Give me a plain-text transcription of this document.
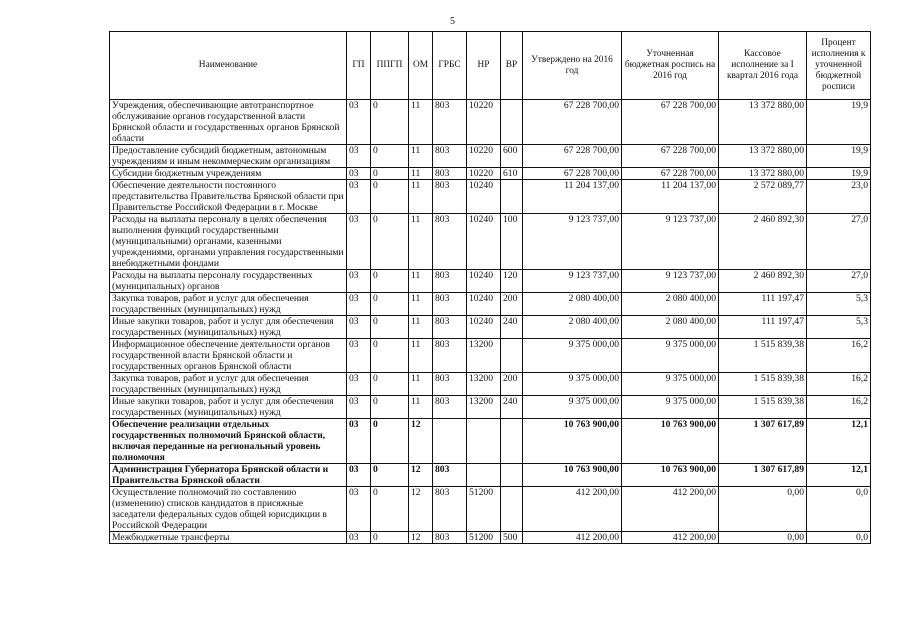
5
Наименование	ГП	ППГП	ОМ	ГРБС	НР	ВР	Утверждено на 2016 год	Уточненная бюджетная роспись на 2016 год	Кассовое исполнение за I квартал 2016 года	Процент исполнения к уточненной бюджетной росписи
Учреждения, обеспечивающие автотранспортное обслуживание органов государственной власти Брянской области и государственных органов Брянской области	03	0	11	803	10220		67 228 700,00	67 228 700,00	13 372 880,00	19,9
Предоставление субсидий бюджетным, автономным учреждениям и иным некоммерческим организациям	03	0	11	803	10220	600	67 228 700,00	67 228 700,00	13 372 880,00	19,9
Субсидии бюджетным учреждениям	03	0	11	803	10220	610	67 228 700,00	67 228 700,00	13 372 880,00	19,9
Обеспечение деятельности постоянного представительства Правительства Брянской области при Правительстве Российской Федерации в г. Москве	03	0	11	803	10240		11 204 137,00	11 204 137,00	2 572 089,77	23,0
Расходы на выплаты персоналу в целях обеспечения выполнения функций государственными (муниципальными) органами, казенными учреждениями, органами управления государственными внебюджетными фондами	03	0	11	803	10240	100	9 123 737,00	9 123 737,00	2 460 892,30	27,0
Расходы на выплаты персоналу государственных (муниципальных) органов	03	0	11	803	10240	120	9 123 737,00	9 123 737,00	2 460 892,30	27,0
Закупка товаров, работ и услуг для обеспечения государственных (муниципальных) нужд	03	0	11	803	10240	200	2 080 400,00	2 080 400,00	111 197,47	5,3
Иные закупки товаров, работ и услуг для обеспечения государственных (муниципальных) нужд	03	0	11	803	10240	240	2 080 400,00	2 080 400,00	111 197,47	5,3
Информационное обеспечение деятельности органов государственной власти Брянской области и государственных органов Брянской области	03	0	11	803	13200		9 375 000,00	9 375 000,00	1 515 839,38	16,2
Закупка товаров, работ и услуг для обеспечения государственных (муниципальных) нужд	03	0	11	803	13200	200	9 375 000,00	9 375 000,00	1 515 839,38	16,2
Иные закупки товаров, работ и услуг для обеспечения государственных (муниципальных) нужд	03	0	11	803	13200	240	9 375 000,00	9 375 000,00	1 515 839,38	16,2
Обеспечение реализации отдельных государственных полномочий Брянской области, включая переданные на региональный уровень полномочия	03	0	12				10 763 900,00	10 763 900,00	1 307 617,89	12,1
Администрация Губернатора Брянской области и Правительства Брянской области	03	0	12	803			10 763 900,00	10 763 900,00	1 307 617,89	12,1
Осуществление полномочий по составлению (изменению) списков кандидатов в присяжные заседатели федеральных судов общей юрисдикции в Российской Федерации	03	0	12	803	51200		412 200,00	412 200,00	0,00	0,0
Межбюджетные трансферты	03	0	12	803	51200	500	412 200,00	412 200,00	0,00	0,0
